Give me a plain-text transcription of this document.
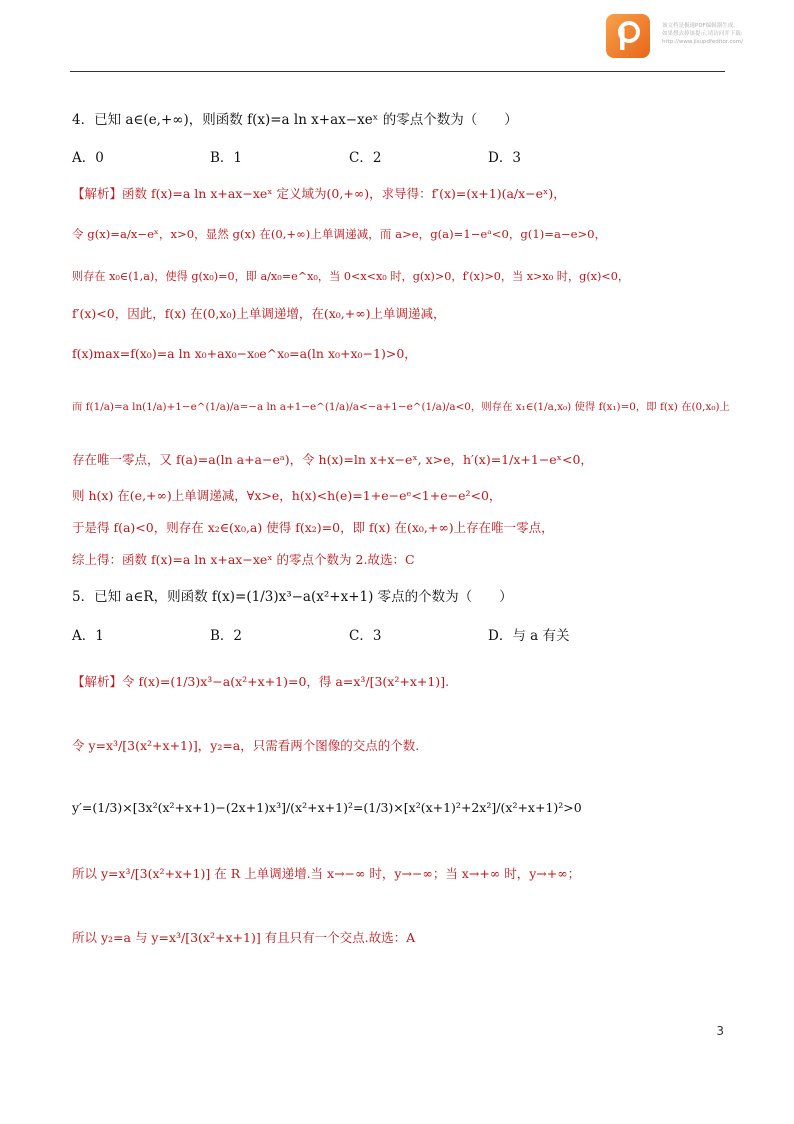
该文档是极速PDF编辑器生成,
如果想去掉该提示,请访问并下载:
http://www.jisupdfeditor.com/
4．已知 a∈(e,+∞)，则函数 f(x)=a ln x+ax−xeˣ 的零点个数为（　　）
A．0	B．1	C．2	D．3
【解析】函数 f(x)=a ln x+ax−xeˣ 定义域为(0,+∞)，求导得：f′(x)=(x+1)(a/x−eˣ)，
令 g(x)=a/x−eˣ，x>0，显然 g(x) 在(0,+∞)上单调递减，而 a>e，g(a)=1−eᵃ<0，g(1)=a−e>0，
则存在 x₀∈(1,a)，使得 g(x₀)=0，即 a/x₀=e^x₀，当 0<x<x₀ 时，g(x)>0，f′(x)>0，当 x>x₀ 时，g(x)<0，
f′(x)<0，因此，f(x) 在(0,x₀)上单调递增，在(x₀,+∞)上单调递减，
f(x)max=f(x₀)=a ln x₀+ax₀−x₀e^x₀=a(ln x₀+x₀−1)>0，
而 f(1/a)=a ln(1/a)+1−e^(1/a)/a=−a ln a+1−e^(1/a)/a<−a+1−e^(1/a)/a<0，则存在 x₁∈(1/a,x₀) 使得 f(x₁)=0，即 f(x) 在(0,x₀)上
存在唯一零点，又 f(a)=a(ln a+a−eᵃ)，令 h(x)=ln x+x−eˣ, x>e，h′(x)=1/x+1−eˣ<0，
则 h(x) 在(e,+∞)上单调递减，∀x>e，h(x)<h(e)=1+e−eᵉ<1+e−e²<0，
于是得 f(a)<0，则存在 x₂∈(x₀,a) 使得 f(x₂)=0，即 f(x) 在(x₀,+∞)上存在唯一零点，
综上得：函数 f(x)=a ln x+ax−xeˣ 的零点个数为 2.故选：C
5．已知 a∈R，则函数 f(x)=(1/3)x³−a(x²+x+1) 零点的个数为（　　）
A．1	B．2	C．3	D．与 a 有关
【解析】令 f(x)=(1/3)x³−a(x²+x+1)=0，得 a=x³/[3(x²+x+1)].
令 y=x³/[3(x²+x+1)]，y₂=a，只需看两个图像的交点的个数.
y′=(1/3)×[3x²(x²+x+1)−(2x+1)x³]/(x²+x+1)²=(1/3)×[x²(x+1)²+2x²]/(x²+x+1)²>0
所以 y=x³/[3(x²+x+1)] 在 R 上单调递增.当 x→−∞ 时，y→−∞；当 x→+∞ 时，y→+∞；
所以 y₂=a 与 y=x³/[3(x²+x+1)] 有且只有一个交点.故选：A
3
